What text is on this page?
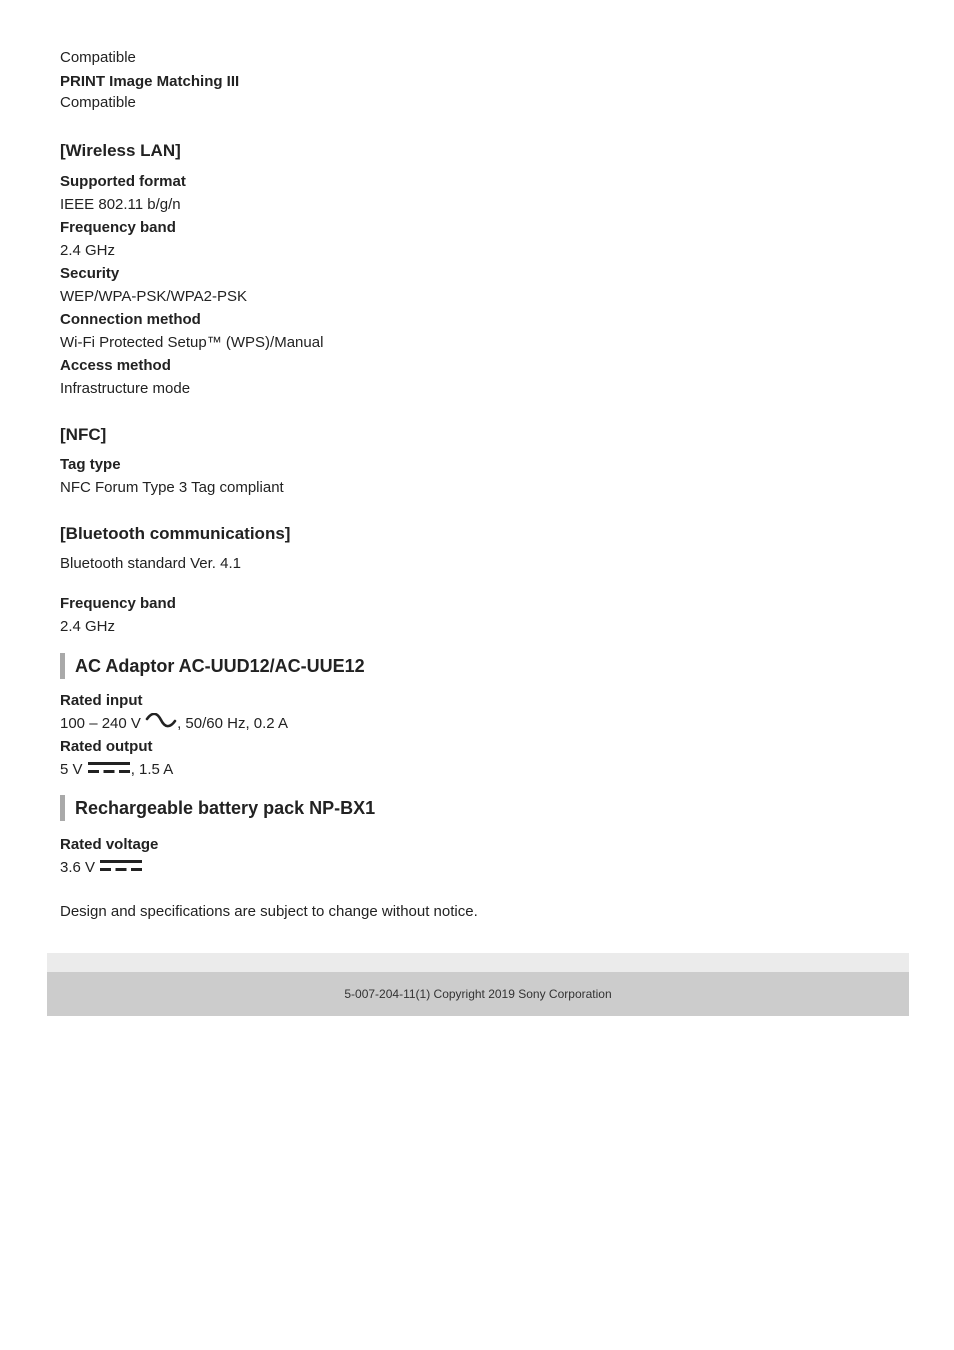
Compatible
PRINT Image Matching III
Compatible
[Wireless LAN]
Supported format
IEEE 802.11 b/g/n
Frequency band
2.4 GHz
Security
WEP/WPA-PSK/WPA2-PSK
Connection method
Wi-Fi Protected Setup™ (WPS)/Manual
Access method
Infrastructure mode
[NFC]
Tag type
NFC Forum Type 3 Tag compliant
[Bluetooth communications]
Bluetooth standard Ver. 4.1
Frequency band
2.4 GHz
AC Adaptor AC-UUD12/AC-UUE12
Rated input
100 – 240 V , 50/60 Hz, 0.2 A
Rated output
5 V	, 1.5 A
Rechargeable battery pack NP-BX1
Rated voltage
3.6 V
Design and specifications are subject to change without notice.
5-007-204-11(1) Copyright 2019 Sony Corporation
